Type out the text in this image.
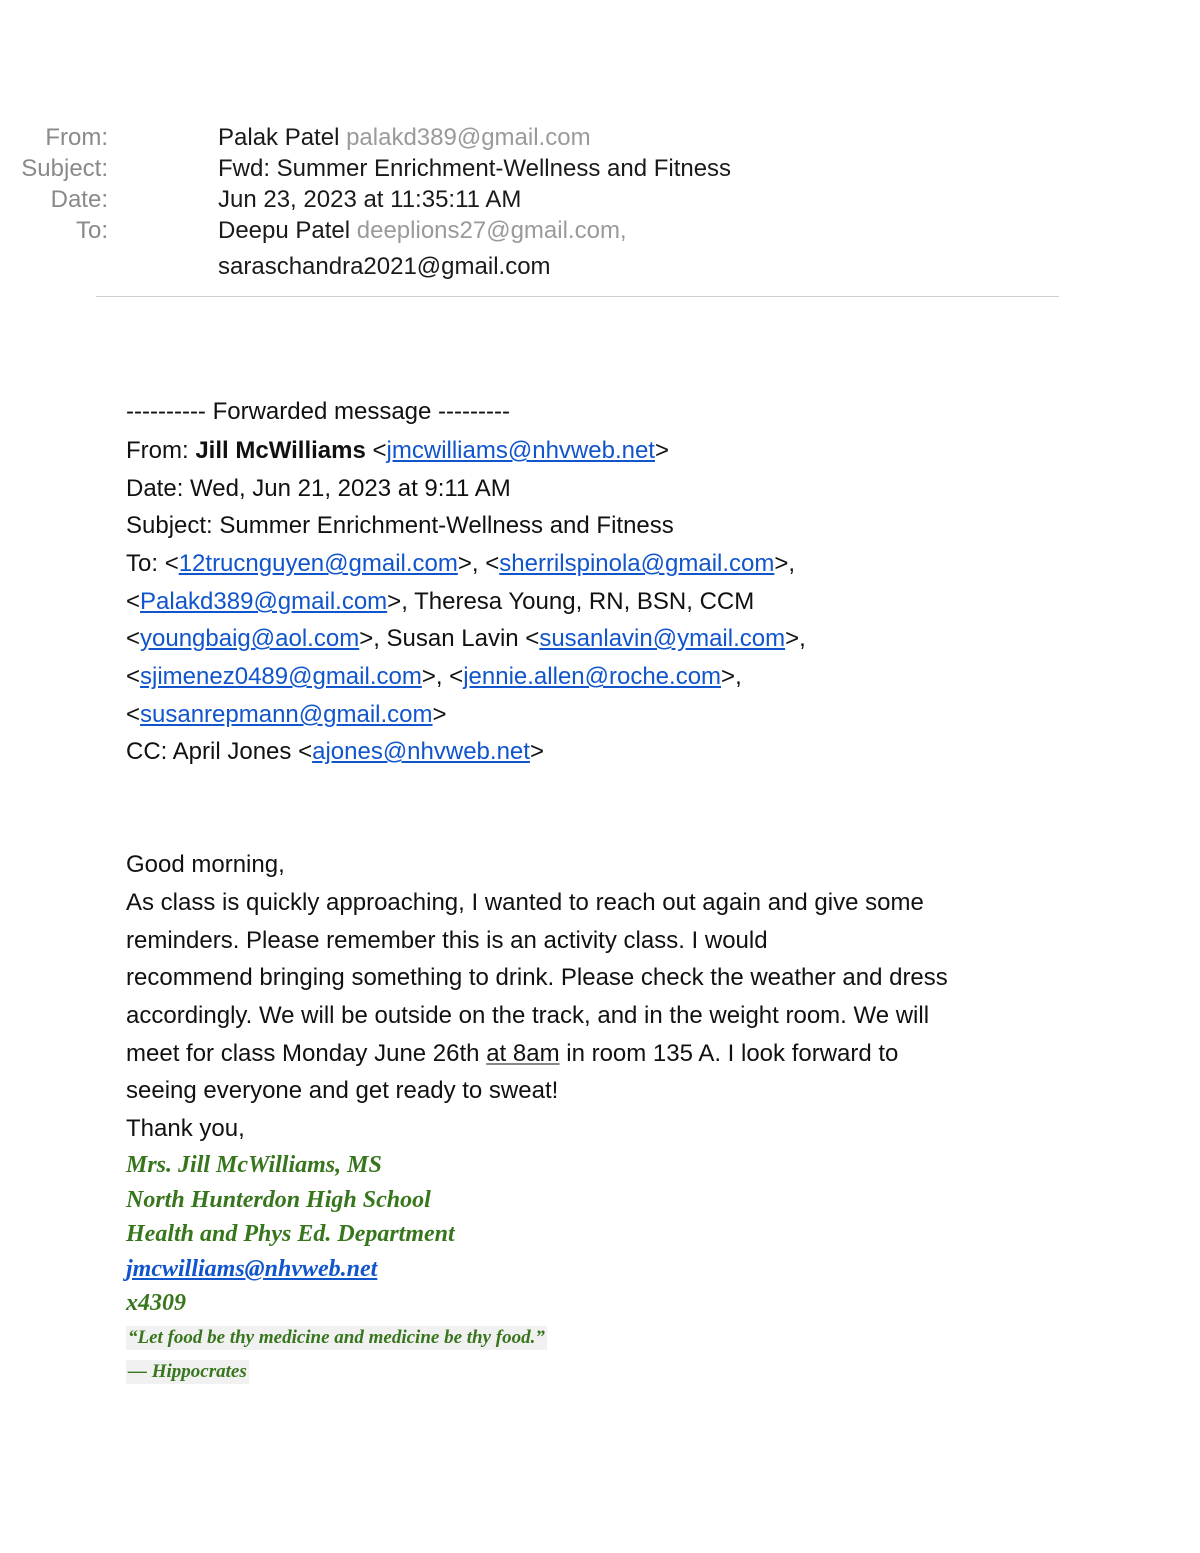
From:	Palak Patel palakd389@gmail.com
Subject:	Fwd: Summer Enrichment-Wellness and Fitness
Date:	Jun 23, 2023 at 11:35:11 AM
To:	Deepu Patel deeplions27@gmail.com,
saraschandra2021@gmail.com
---------- Forwarded message ---------
From: Jill McWilliams <jmcwilliams@nhvweb.net>
Date: Wed, Jun 21, 2023 at 9:11 AM
Subject: Summer Enrichment-Wellness and Fitness
To: <12trucnguyen@gmail.com>, <sherrilspinola@gmail.com>,
<Palakd389@gmail.com>, Theresa Young, RN, BSN, CCM
<youngbaig@aol.com>, Susan Lavin <susanlavin@ymail.com>,
<sjimenez0489@gmail.com>, <jennie.allen@roche.com>,
<susanrepmann@gmail.com>
CC: April Jones <ajones@nhvweb.net>
Good morning,
As class is quickly approaching, I wanted to reach out again and give some
reminders. Please remember this is an activity class. I would
recommend bringing something to drink. Please check the weather and dress
accordingly. We will be outside on the track, and in the weight room. We will
meet for class Monday June 26th at 8am in room 135 A. I look forward to
seeing everyone and get ready to sweat!
Thank you,
Mrs. Jill McWilliams, MS
North Hunterdon High School
Health and Phys Ed. Department
jmcwilliams@nhvweb.net
x4309
“Let food be thy medicine and medicine be thy food.”
— Hippocrates
